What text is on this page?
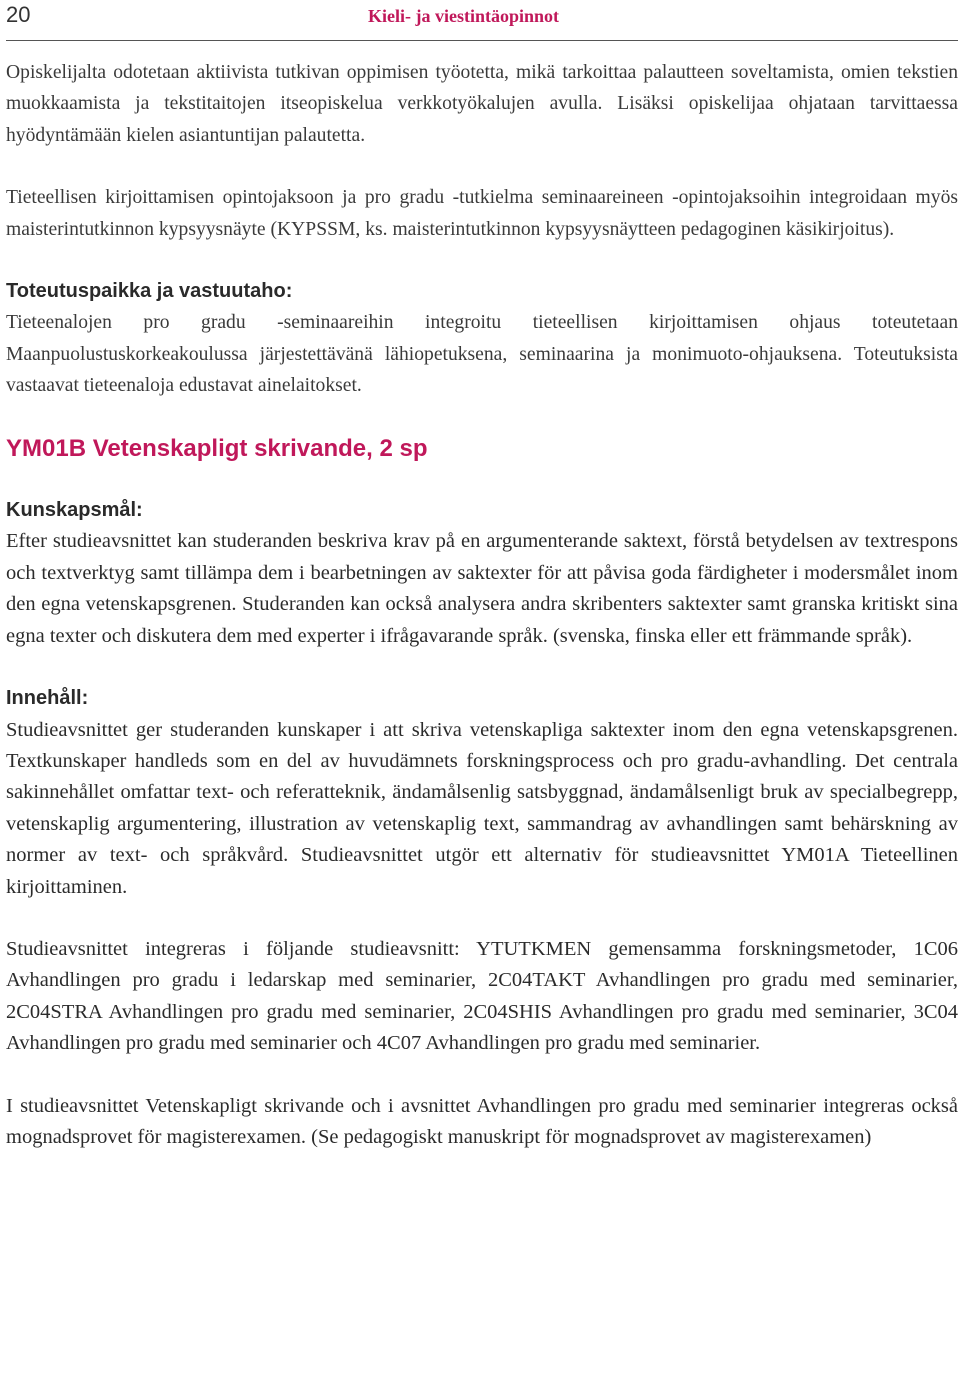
20	Kieli- ja viestintäopinnot

Opiskelijalta odotetaan aktiivista tutkivan oppimisen työotetta, mikä tarkoittaa palautteen soveltamista, omien tekstien muokkaamista ja tekstitaitojen itseopiskelua verkkotyökalujen avulla. Lisäksi opiskelijaa ohjataan tarvittaessa hyödyntämään kielen asiantuntijan palautetta.

Tieteellisen kirjoittamisen opintojaksoon ja pro gradu -tutkielma seminaareineen -opintojaksoihin integroidaan myös maisterintutkinnon kypsyysnäyte (KYPSSM, ks. maisterintutkinnon kypsyysnäytteen pedagoginen käsikirjoitus).

Toteutuspaikka ja vastuutaho:

Tieteenalojen pro gradu -seminaareihin integroitu tieteellisen kirjoittamisen ohjaus toteutetaan Maanpuolustuskorkeakoulussa järjestettävänä lähiopetuksena, seminaarina ja monimuoto-ohjauksena. Toteutuksista vastaavat tieteenaloja edustavat ainelaitokset.

YM01B Vetenskapligt skrivande, 2 sp
Kunskapsmål:

Efter studieavsnittet kan studeranden beskriva krav på en argumenterande saktext, förstå betydelsen av textrespons och textverktyg samt tillämpa dem i bearbetningen av saktexter för att påvisa goda färdigheter i modersmålet inom den egna vetenskapsgrenen. Studeranden kan också analysera andra skribenters saktexter samt granska kritiskt sina egna texter och diskutera dem med experter i ifrågavarande språk. (svenska, finska eller ett främmande språk).

Innehåll:

Studieavsnittet ger studeranden kunskaper i att skriva vetenskapliga saktexter inom den egna vetenskapsgrenen. Textkunskaper handleds som en del av huvudämnets forskningsprocess och pro gradu-avhandling. Det centrala sakinnehållet omfattar text- och referatteknik, ändamålsenlig satsbyggnad, ändamålsenligt bruk av specialbegrepp, vetenskaplig argumentering, illustration av vetenskaplig text, sammandrag av avhandlingen samt behärskning av normer av text- och språkvård. Studieavsnittet utgör ett alternativ för studieavsnittet YM01A Tieteellinen kirjoittaminen.

Studieavsnittet integreras i följande studieavsnitt: YTUTKMEN gemensamma forskningsmetoder, 1C06 Avhandlingen pro gradu i ledarskap med seminarier, 2C04TAKT Avhandlingen pro gradu med seminarier, 2C04STRA Avhandlingen pro gradu med seminarier, 2C04SHIS Avhandlingen pro gradu med seminarier, 3C04 Avhandlingen pro gradu med seminarier och 4C07 Avhandlingen pro gradu med seminarier.

I studieavsnittet Vetenskapligt skrivande och i avsnittet Avhandlingen pro gradu med seminarier integreras också mognadsprovet för magisterexamen. (Se pedagogiskt manuskript för mognadsprovet av magisterexamen)
